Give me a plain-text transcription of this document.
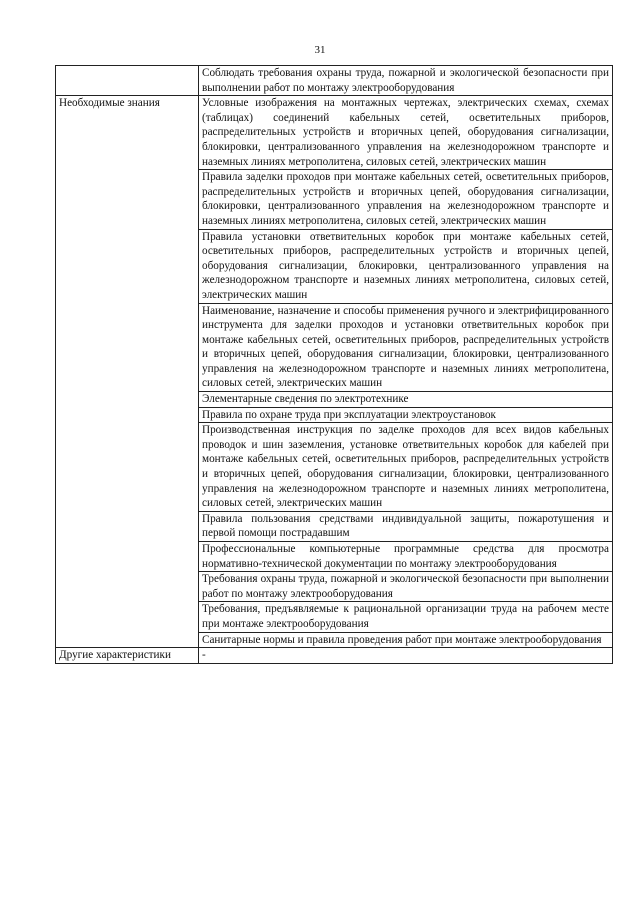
31
	Соблюдать требования охраны труда, пожарной и экологической безопасности при выполнении работ по монтажу электрооборудования
Необходимые знания	Условные изображения на монтажных чертежах, электрических схемах, схемах (таблицах) соединений кабельных сетей, осветительных приборов, распределительных устройств и вторичных цепей, оборудования сигнализации, блокировки, централизованного управления на железнодорожном транспорте и наземных линиях метрополитена, силовых сетей, электрических машин
	Правила заделки проходов при монтаже кабельных сетей, осветительных приборов, распределительных устройств и вторичных цепей, оборудования сигнализации, блокировки, централизованного управления на железнодорожном транспорте и наземных линиях метрополитена, силовых сетей, электрических машин
	Правила установки ответвительных коробок при монтаже кабельных сетей, осветительных приборов, распределительных устройств и вторичных цепей, оборудования сигнализации, блокировки, централизованного управления на железнодорожном транспорте и наземных линиях метрополитена, силовых сетей, электрических машин
	Наименование, назначение и способы применения ручного и электрифицированного инструмента для заделки проходов и установки ответвительных коробок при монтаже кабельных сетей, осветительных приборов, распределительных устройств и вторичных цепей, оборудования сигнализации, блокировки, централизованного управления на железнодорожном транспорте и наземных линиях метрополитена, силовых сетей, электрических машин
	Элементарные сведения по электротехнике
	Правила по охране труда при эксплуатации электроустановок
	Производственная инструкция по заделке проходов для всех видов кабельных проводок и шин заземления, установке ответвительных коробок для кабелей при монтаже кабельных сетей, осветительных приборов, распределительных устройств и вторичных цепей, оборудования сигнализации, блокировки, централизованного управления на железнодорожном транспорте и наземных линиях метрополитена, силовых сетей, электрических машин
	Правила пользования средствами индивидуальной защиты, пожаротушения и первой помощи пострадавшим
	Профессиональные компьютерные программные средства для просмотра нормативно-технической документации по монтажу электрооборудования
	Требования охраны труда, пожарной и экологической безопасности при выполнении работ по монтажу электрооборудования
	Требования, предъявляемые к рациональной организации труда на рабочем месте при монтаже электрооборудования
	Санитарные нормы и правила проведения работ при монтаже электрооборудования
Другие характеристики	-
